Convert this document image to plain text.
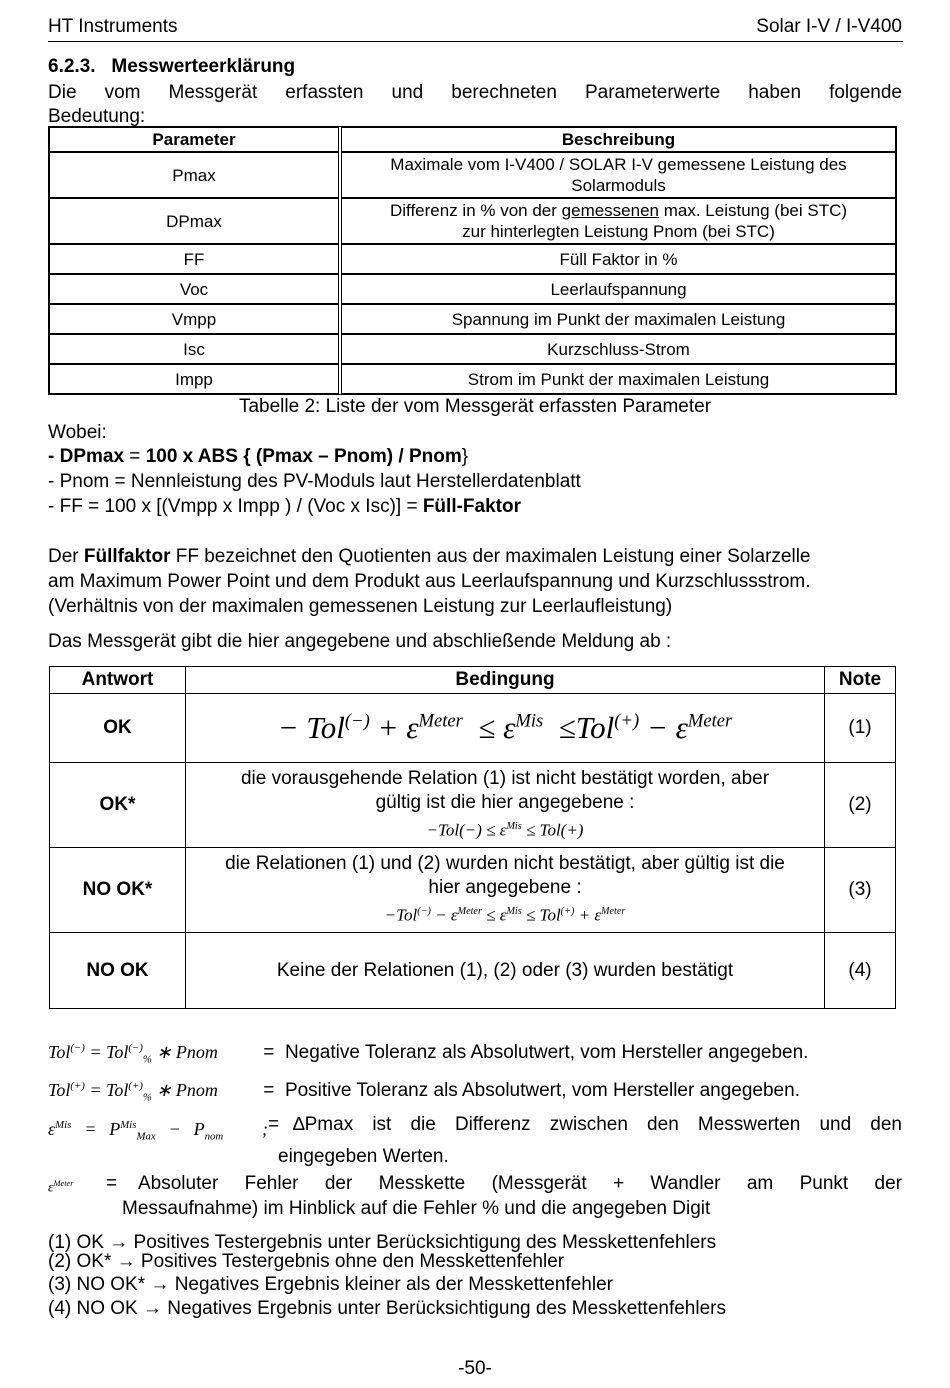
HT Instruments	Solar I-V / I-V400
6.2.3. Messwerteerklärung
Die vom Messgerät erfassten und berechneten Parameterwerte haben folgende
Bedeutung:
Parameter		Beschreibung
Pmax		Maximale vom I-V400 / SOLAR I-V gemessene Leistung des
Solarmoduls

DPmax		Differenz in % von der gemessenen max. Leistung (bei STC)
zur hinterlegten Leistung Pnom (bei STC)

FF		Füll Faktor in %
Voc		Leerlaufspannung
Vmpp		Spannung im Punkt der maximalen Leistung
Isc		Kurzschluss-Strom
Impp		Strom im Punkt der maximalen Leistung
Tabelle 2: Liste der vom Messgerät erfassten Parameter
Wobei:
- DPmax = 100 x ABS { (Pmax – Pnom) / Pnom}
- Pnom = Nennleistung des PV-Moduls laut Herstellerdatenblatt
- FF = 100 x [(Vmpp x Impp ) / (Voc x Isc)] = Füll-Faktor
Der Füllfaktor FF bezeichnet den Quotienten aus der maximalen Leistung einer Solarzelle
am Maximum Power Point und dem Produkt aus Leerlaufspannung und Kurzschlussstrom.
(Verhältnis von der maximalen gemessenen Leistung zur Leerlaufleistung)
Das Messgerät gibt die hier angegebene und abschließende Meldung ab :
Antwort	Bedingung	Note
OK	− $Tol^{(-)} + \varepsilon^{Meter} \le \varepsilon^{Mis} \le Tol^{(+)} - \varepsilon^{Meter}$	(1)
OK*	die vorausgehende Relation (1) ist nicht bestätigt worden, aber
gültig ist die hier angegebene :
$-Tol(-) \le \varepsilon^{Mis} \le Tol(+)$	(2)
NO OK*	die Relationen (1) und (2) wurden nicht bestätigt, aber gültig ist die
hier angegebene :
$-Tol^{(-)} - \varepsilon^{Meter} \le \varepsilon^{Mis} \le Tol^{(+)} + \varepsilon^{Meter}$	(3)
NO OK	Keine der Relationen (1), (2) oder (3) wurden bestätigt	(4)
Tol(−) = Tol(−)$_{\%}$ ∗ Pnom =  Negative Toleranz als Absolutwert, vom Hersteller angegeben.
Tol(+) = Tol(+)$_{\%}$ ∗ Pnom =  Positive Toleranz als Absolutwert, vom Hersteller angegeben.
$\varepsilon^{Mis} = P^{Mis}_{Max} - P_{nom}$   ; = ∆Pmax ist die Differenz zwischen den Messwerten und den
eingegeben Werten.
$\varepsilon^{Meter}$	=	Absoluter Fehler der Messkette (Messgerät + Wandler am Punkt der
Messaufnahme) im Hinblick auf die Fehler % und die angegeben Digit
(1) OK → Positives Testergebnis unter Berücksichtigung des Messkettenfehlers
(2) OK* → Positives Testergebnis ohne den Messkettenfehler
(3) NO OK* → Negatives Ergebnis kleiner als der Messkettenfehler
(4) NO OK → Negatives Ergebnis unter Berücksichtigung des Messkettenfehlers
-50-
